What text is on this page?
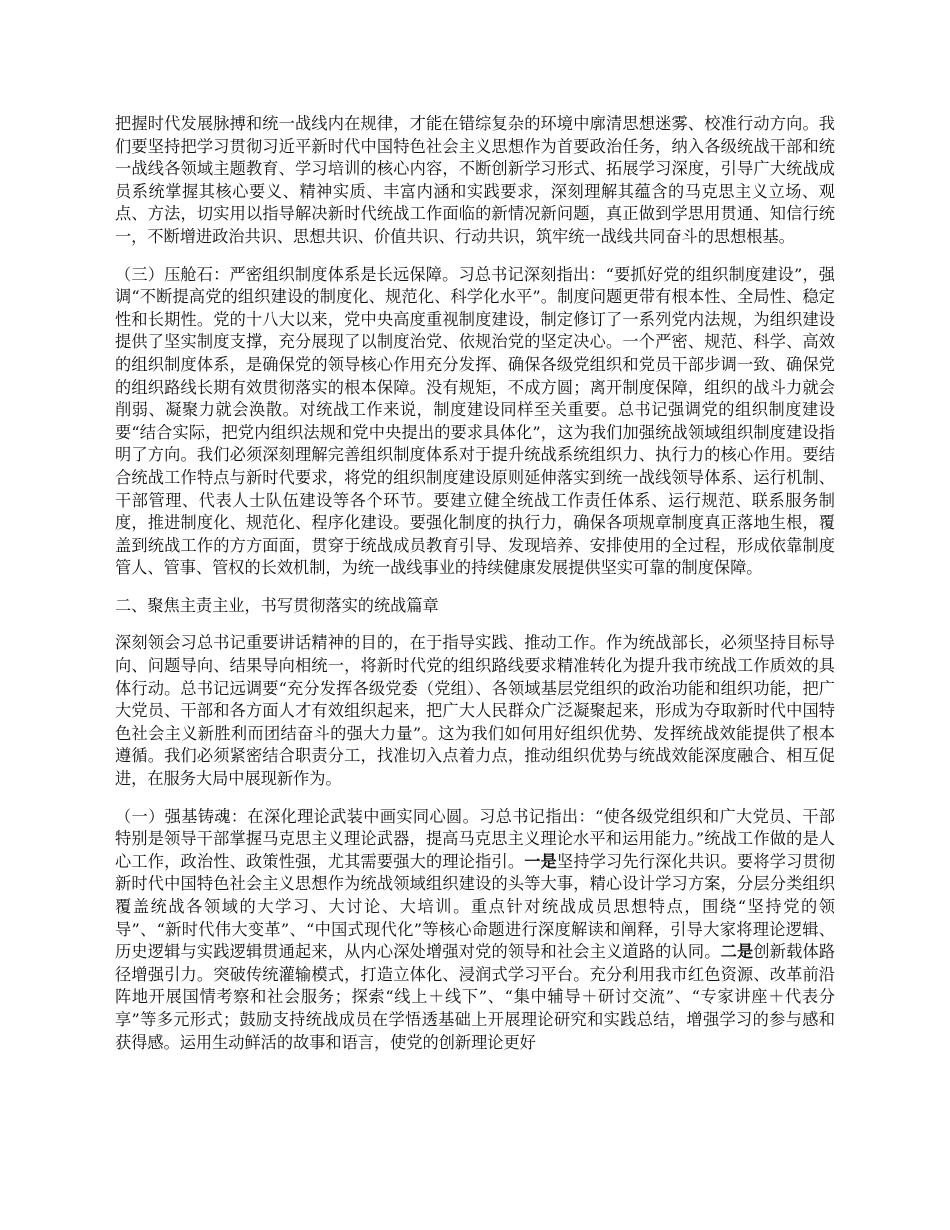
把握时代发展脉搏和统一战线内在规律，才能在错综复杂的环境中廓清思想迷雾、校准行动方向。我们要坚持把学习贯彻习近平新时代中国特色社会主义思想作为首要政治任务，纳入各级统战干部和统一战线各领域主题教育、学习培训的核心内容，不断创新学习形式、拓展学习深度，引导广大统战成员系统掌握其核心要义、精神实质、丰富内涵和实践要求，深刻理解其蕴含的马克思主义立场、观点、方法，切实用以指导解决新时代统战工作面临的新情况新问题，真正做到学思用贯通、知信行统一，不断增进政治共识、思想共识、价值共识、行动共识，筑牢统一战线共同奋斗的思想根基。

（三）压舱石：严密组织制度体系是长远保障。习总书记深刻指出：“要抓好党的组织制度建设”，强调“不断提高党的组织建设的制度化、规范化、科学化水平”。制度问题更带有根本性、全局性、稳定性和长期性。党的十八大以来，党中央高度重视制度建设，制定修订了一系列党内法规，为组织建设提供了坚实制度支撑，充分展现了以制度治党、依规治党的坚定决心。一个严密、规范、科学、高效的组织制度体系，是确保党的领导核心作用充分发挥、确保各级党组织和党员干部步调一致、确保党的组织路线长期有效贯彻落实的根本保障。没有规矩，不成方圆；离开制度保障，组织的战斗力就会削弱、凝聚力就会涣散。对统战工作来说，制度建设同样至关重要。总书记强调党的组织制度建设要“结合实际，把党内组织法规和党中央提出的要求具体化”，这为我们加强统战领域组织制度建设指明了方向。我们必须深刻理解完善组织制度体系对于提升统战系统组织力、执行力的核心作用。要结合统战工作特点与新时代要求，将党的组织制度建设原则延伸落实到统一战线领导体系、运行机制、干部管理、代表人士队伍建设等各个环节。要建立健全统战工作责任体系、运行规范、联系服务制度，推进制度化、规范化、程序化建设。要强化制度的执行力，确保各项规章制度真正落地生根，覆盖到统战工作的方方面面，贯穿于统战成员教育引导、发现培养、安排使用的全过程，形成依靠制度管人、管事、管权的长效机制，为统一战线事业的持续健康发展提供坚实可靠的制度保障。

二、聚焦主责主业，书写贯彻落实的统战篇章

深刻领会习总书记重要讲话精神的目的，在于指导实践、推动工作。作为统战部长，必须坚持目标导向、问题导向、结果导向相统一，将新时代党的组织路线要求精准转化为提升我市统战工作质效的具体行动。总书记远调要“充分发挥各级党委（党组）、各领域基层党组织的政治功能和组织功能，把广大党员、干部和各方面人才有效组织起来，把广大人民群众广泛凝聚起来，形成为夺取新时代中国特色社会主义新胜利而团结奋斗的强大力量”。这为我们如何用好组织优势、发挥统战效能提供了根本遵循。我们必须紧密结合职责分工，找准切入点着力点，推动组织优势与统战效能深度融合、相互促进，在服务大局中展现新作为。

（一）强基铸魂：在深化理论武装中画实同心圆。习总书记指出：“使各级党组织和广大党员、干部特别是领导干部掌握马克思主义理论武器，提高马克思主义理论水平和运用能力。”统战工作做的是人心工作，政治性、政策性强，尤其需要强大的理论指引。一是坚持学习先行深化共识。要将学习贯彻新时代中国特色社会主义思想作为统战领域组织建设的头等大事，精心设计学习方案，分层分类组织覆盖统战各领域的大学习、大讨论、大培训。重点针对统战成员思想特点，围绕“坚持党的领导”、“新时代伟大变革”、“中国式现代化”等核心命题进行深度解读和阐释，引导大家将理论逻辑、历史逻辑与实践逻辑贯通起来，从内心深处增强对党的领导和社会主义道路的认同。二是创新载体路径增强引力。突破传统灌输模式，打造立体化、浸润式学习平台。充分利用我市红色资源、改革前沿阵地开展国情考察和社会服务；探索“线上＋线下”、“集中辅导＋研讨交流”、“专家讲座＋代表分享”等多元形式；鼓励支持统战成员在学悟透基础上开展理论研究和实践总结，增强学习的参与感和获得感。运用生动鲜活的故事和语言，使党的创新理论更好
